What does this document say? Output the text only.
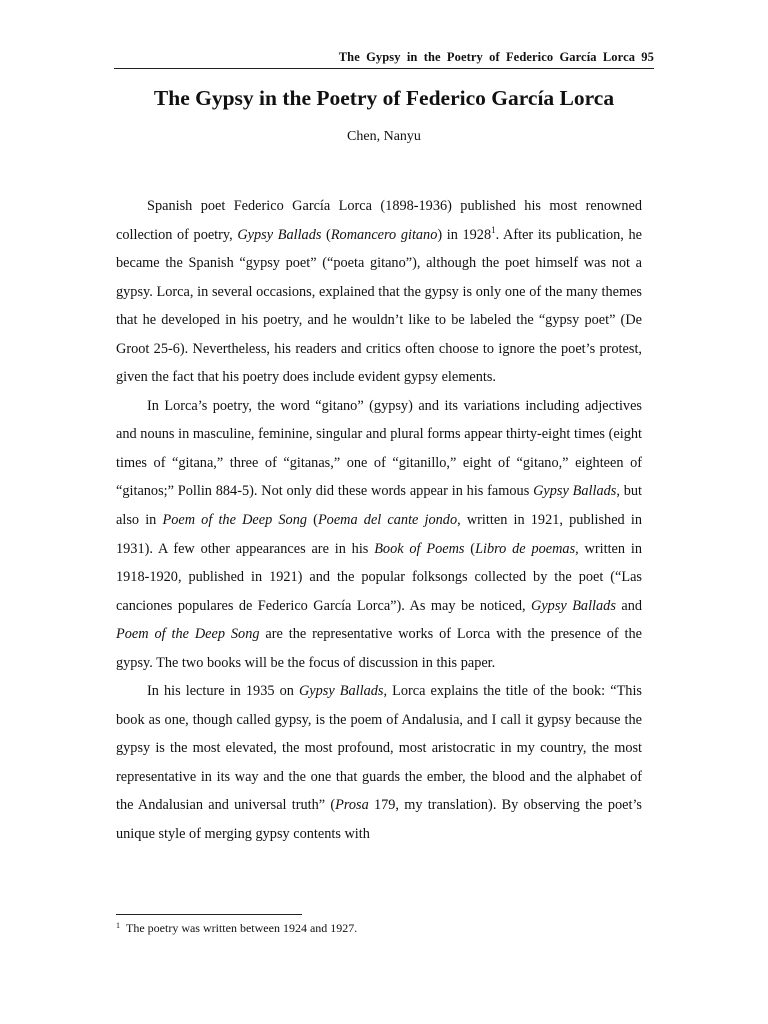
The Gypsy in the Poetry of Federico García Lorca 95
The Gypsy in the Poetry of Federico García Lorca
Chen, Nanyu

Spanish poet Federico García Lorca (1898-1936) published his most renowned collection of poetry, Gypsy Ballads (Romancero gitano) in 1928$^1$. After its publication, he became the Spanish “gypsy poet” (“poeta gitano”), although the poet himself was not a gypsy. Lorca, in several occasions, explained that the gypsy is only one of the many themes that he developed in his poetry, and he wouldn’t like to be labeled the “gypsy poet” (De Groot 25-6). Nevertheless, his readers and critics often choose to ignore the poet’s protest, given the fact that his poetry does include evident gypsy elements.

In Lorca’s poetry, the word “gitano” (gypsy) and its variations including adjectives and nouns in masculine, feminine, singular and plural forms appear thirty-eight times (eight times of “gitana,” three of “gitanas,” one of “gitanillo,” eight of “gitano,” eighteen of “gitanos;” Pollin 884-5). Not only did these words appear in his famous Gypsy Ballads, but also in Poem of the Deep Song (Poema del cante jondo, written in 1921, published in 1931). A few other appearances are in his Book of Poems (Libro de poemas, written in 1918-1920, published in 1921) and the popular folksongs collected by the poet (“Las canciones populares de Federico García Lorca”). As may be noticed, Gypsy Ballads and Poem of the Deep Song are the representative works of Lorca with the presence of the gypsy. The two books will be the focus of discussion in this paper.

In his lecture in 1935 on Gypsy Ballads, Lorca explains the title of the book: “This book as one, though called gypsy, is the poem of Andalusia, and I call it gypsy because the gypsy is the most elevated, the most profound, most aristocratic in my country, the most representative in its way and the one that guards the ember, the blood and the alphabet of the Andalusian and universal truth” (Prosa 179, my translation). By observing the poet’s unique style of merging gypsy contents with

$^1$ The poetry was written between 1924 and 1927.
